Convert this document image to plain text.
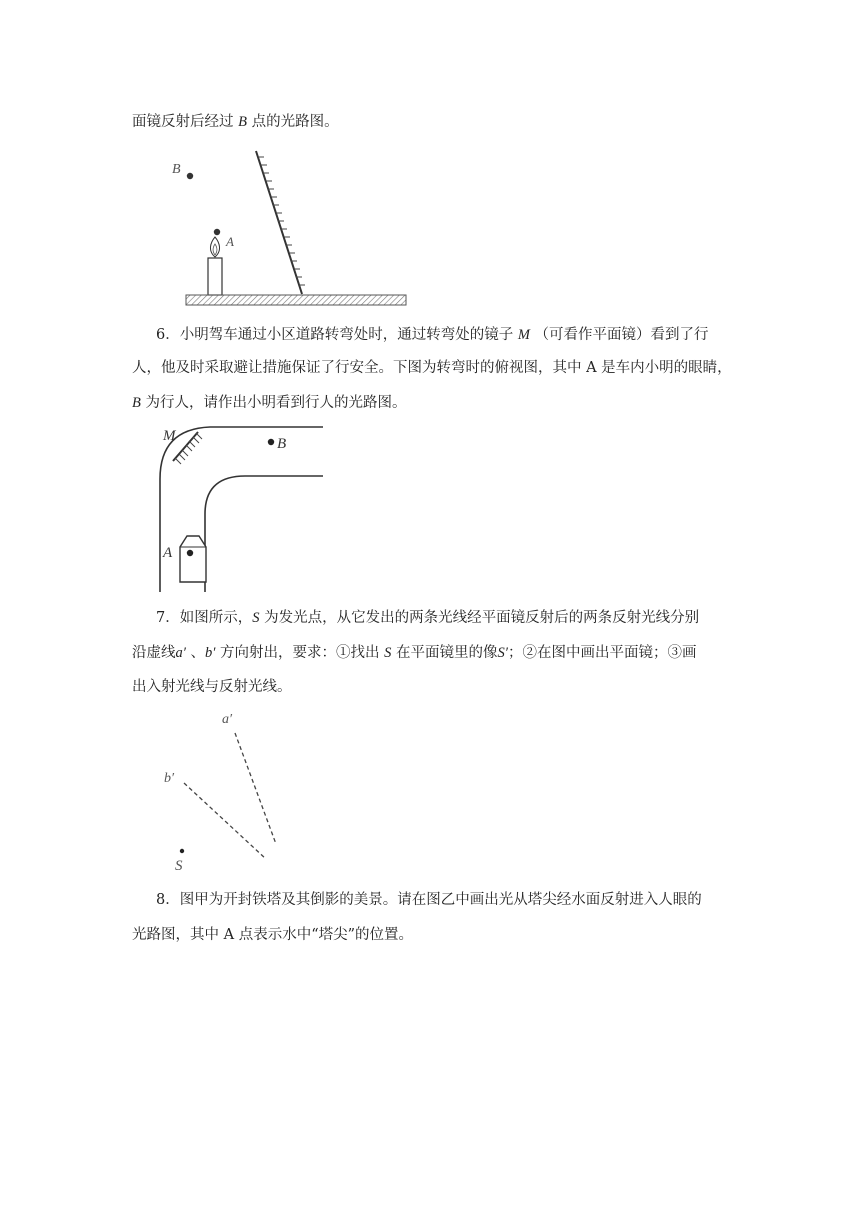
面镜反射后经过 B 点的光路图。
B
A
6．小明驾车通过小区道路转弯处时，通过转弯处的镜子 M （可看作平面镜）看到了行
人，他及时采取避让措施保证了行安全。下图为转弯时的俯视图，其中 A 是车内小明的眼睛，
B 为行人，请作出小明看到行人的光路图。
M	B
A
7．如图所示，S 为发光点，从它发出的两条光线经平面镜反射后的两条反射光线分别
沿虚线a′ 、b′ 方向射出，要求：①找出 S 在平面镜里的像S′；②在图中画出平面镜；③画
出入射光线与反射光线。
a′
b′
S
8．图甲为开封铁塔及其倒影的美景。请在图乙中画出光从塔尖经水面反射进入人眼的
光路图，其中 A 点表示水中“塔尖”的位置。
